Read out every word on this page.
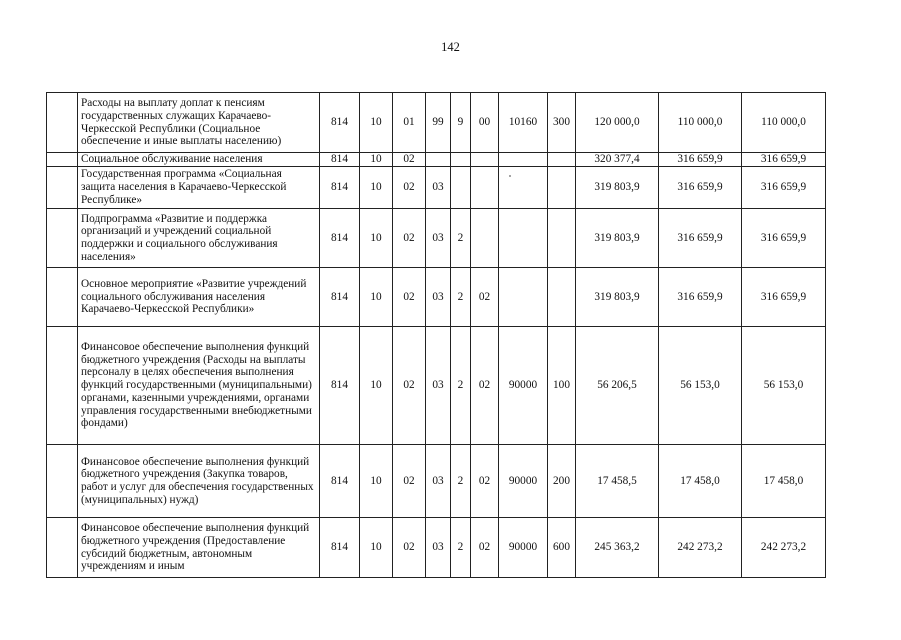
142
	Расходы на выплату доплат к пенсиям государственных служащих Карачаево-Черкесской Республики (Социальное обеспечение и иные выплаты населению)	814	10	01	99	9	00	10160	300	120 000,0	110 000,0	110 000,0
	Социальное обслуживание населения	814	10	02						320 377,4	316 659,9	316 659,9
	Государственная программа «Социальная защита населения в Карачаево-Черкесской Республике»	814	10	02	03					319 803,9	316 659,9	316 659,9
	Подпрограмма «Развитие и поддержка организаций и учреждений социальной поддержки и социального обслуживания населения»	814	10	02	03	2				319 803,9	316 659,9	316 659,9
	Основное мероприятие «Развитие учреждений социального обслуживания населения Карачаево-Черкесской Республики»	814	10	02	03	2	02			319 803,9	316 659,9	316 659,9
	Финансовое обеспечение выполнения функций бюджетного учреждения (Расходы на выплаты персоналу в целях обеспечения выполнения функций государственными (муниципальными) органами, казенными учреждениями, органами управления государственными внебюджетными фондами)	814	10	02	03	2	02	90000	100	56 206,5	56 153,0	56 153,0
	Финансовое обеспечение выполнения функций бюджетного учреждения (Закупка товаров, работ и услуг для обеспечения государственных (муниципальных) нужд)	814	10	02	03	2	02	90000	200	17 458,5	17 458,0	17 458,0
	Финансовое обеспечение выполнения функций бюджетного учреждения (Предоставление субсидий бюджетным, автономным учреждениям и иным	814	10	02	03	2	02	90000	600	245 363,2	242 273,2	242 273,2
